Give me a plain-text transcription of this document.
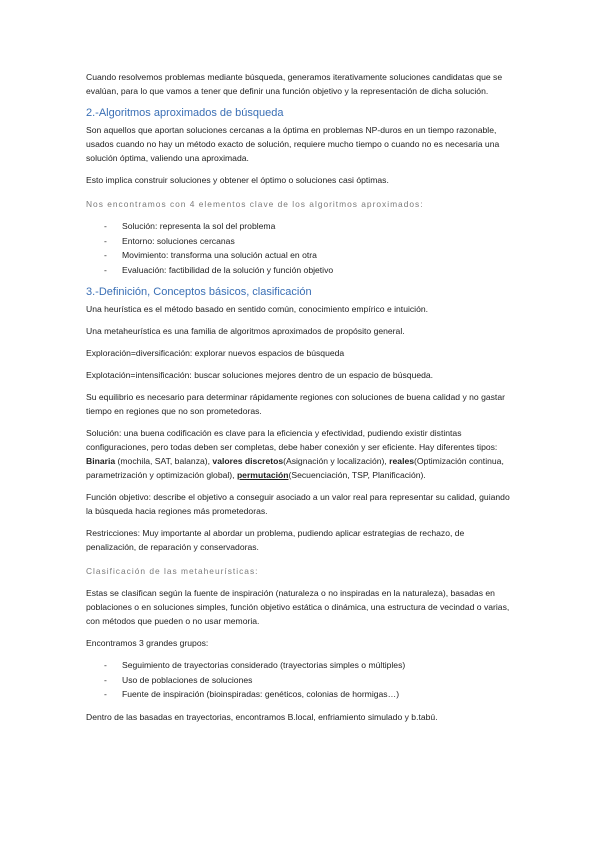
Cuando resolvemos problemas mediante búsqueda, generamos iterativamente soluciones candidatas que se evalúan, para lo que vamos a tener que definir una función objetivo y la representación de dicha solución.

2.-Algoritmos aproximados de búsqueda

Son aquellos que aportan soluciones cercanas a la óptima en problemas NP-duros en un tiempo razonable, usados cuando no hay un método exacto de solución, requiere mucho tiempo o cuando no es necesaria una solución óptima, valiendo una aproximada.

Esto implica construir soluciones y obtener el óptimo o soluciones casi óptimas.

Nos encontramos con 4 elementos clave de los algoritmos aproximados:
- Solución: representa la sol del problema
- Entorno: soluciones cercanas
- Movimiento: transforma una solución actual en otra
- Evaluación: factibilidad de la solución y función objetivo
3.-Definición, Conceptos básicos, clasificación

Una heurística es el método basado en sentido común, conocimiento empírico e intuición.

Una metaheurística es una familia de algoritmos aproximados de propósito general.

Exploración=diversificación: explorar nuevos espacios de búsqueda

Explotación=intensificación: buscar soluciones mejores dentro de un espacio de búsqueda.

Su equilibrio es necesario para determinar rápidamente regiones con soluciones de buena calidad y no gastar tiempo en regiones que no son prometedoras.

Solución: una buena codificación es clave para la eficiencia y efectividad, pudiendo existir distintas configuraciones, pero todas deben ser completas, debe haber conexión y ser eficiente. Hay diferentes tipos: Binaria (mochila, SAT, balanza), valores discretos(Asignación y localización), reales(Optimización continua, parametrización y optimización global), permutación(Secuenciación, TSP, Planificación).

Función objetivo: describe el objetivo a conseguir asociado a un valor real para representar su calidad, guiando la búsqueda hacia regiones más prometedoras.

Restricciones: Muy importante al abordar un problema, pudiendo aplicar estrategias de rechazo, de penalización, de reparación y conservadoras.

Clasificación de las metaheurísticas:

Estas se clasifican según la fuente de inspiración (naturaleza o no inspiradas en la naturaleza), basadas en poblaciones o en soluciones simples, función objetivo estática o dinámica, una estructura de vecindad o varias, con métodos que pueden o no usar memoria.

Encontramos 3 grandes grupos:

- Seguimiento de trayectorias considerado (trayectorias simples o múltiples)
- Uso de poblaciones de soluciones
- Fuente de inspiración (bioinspiradas: genéticos, colonias de hormigas…)

Dentro de las basadas en trayectorias, encontramos B.local, enfriamiento simulado y b.tabú.
